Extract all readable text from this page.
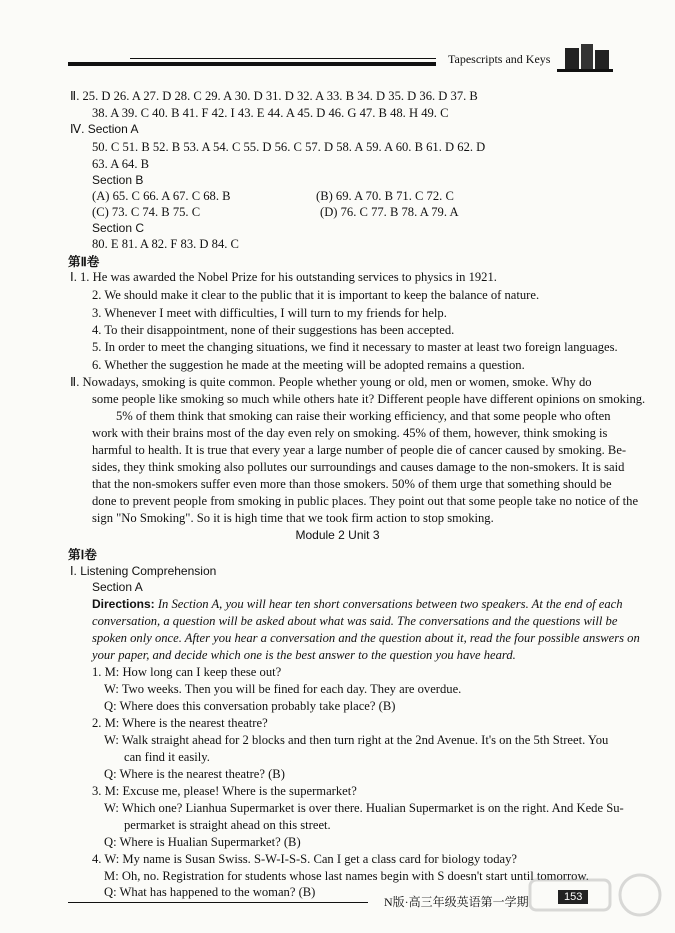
Tapescripts and Keys
Ⅱ. 25. D 26. A 27. D 28. C 29. A 30. D 31. D 32. A 33. B 34. D 35. D 36. D 37. B
38. A 39. C 40. B 41. F 42. I 43. E 44. A 45. D 46. G 47. B 48. H 49. C
Ⅳ. Section A
50. C 51. B 52. B 53. A 54. C 55. D 56. C 57. D 58. A 59. A 60. B 61. D 62. D
63. A 64. B
Section B
(A) 65. C 66. A 67. C 68. B	(B) 69. A 70. B 71. C 72. C
(C) 73. C 74. B 75. C	(D) 76. C 77. B 78. A 79. A
Section C
80. E 81. A 82. F 83. D 84. C
第Ⅱ卷
Ⅰ. 1. He was awarded the Nobel Prize for his outstanding services to physics in 1921.
2. We should make it clear to the public that it is important to keep the balance of nature.
3. Whenever I meet with difficulties, I will turn to my friends for help.
4. To their disappointment, none of their suggestions has been accepted.
5. In order to meet the changing situations, we find it necessary to master at least two foreign languages.
6. Whether the suggestion he made at the meeting will be adopted remains a question.
Ⅱ. Nowadays, smoking is quite common. People whether young or old, men or women, smoke. Why do
some people like smoking so much while others hate it? Different people have different opinions on smoking.
5% of them think that smoking can raise their working efficiency, and that some people who often
work with their brains most of the day even rely on smoking. 45% of them, however, think smoking is
harmful to health. It is true that every year a large number of people die of cancer caused by smoking. Be-
sides, they think smoking also pollutes our surroundings and causes damage to the non-smokers. It is said
that the non-smokers suffer even more than those smokers. 50% of them urge that something should be
done to prevent people from smoking in public places. They point out that some people take no notice of the
sign "No Smoking". So it is high time that we took firm action to stop smoking.
Module 2 Unit 3
第Ⅰ卷
Ⅰ. Listening Comprehension
Section A
Directions: In Section A, you will hear ten short conversations between two speakers. At the end of each
conversation, a question will be asked about what was said. The conversations and the questions will be
spoken only once. After you hear a conversation and the question about it, read the four possible answers on
your paper, and decide which one is the best answer to the question you have heard.
1. M: How long can I keep these out?
W: Two weeks. Then you will be fined for each day. They are overdue.
Q: Where does this conversation probably take place? (B)
2. M: Where is the nearest theatre?
W: Walk straight ahead for 2 blocks and then turn right at the 2nd Avenue. It's on the 5th Street. You
can find it easily.
Q: Where is the nearest theatre? (B)
3. M: Excuse me, please! Where is the supermarket?
W: Which one? Lianhua Supermarket is over there. Hualian Supermarket is on the right. And Kede Su-
permarket is straight ahead on this street.
Q: Where is Hualian Supermarket? (B)
4. W: My name is Susan Swiss. S-W-I-S-S. Can I get a class card for biology today?
M: Oh, no. Registration for students whose last names begin with S doesn't start until tomorrow.
Q: What has happened to the woman? (B)
N版·高三年级英语第一学期	153
